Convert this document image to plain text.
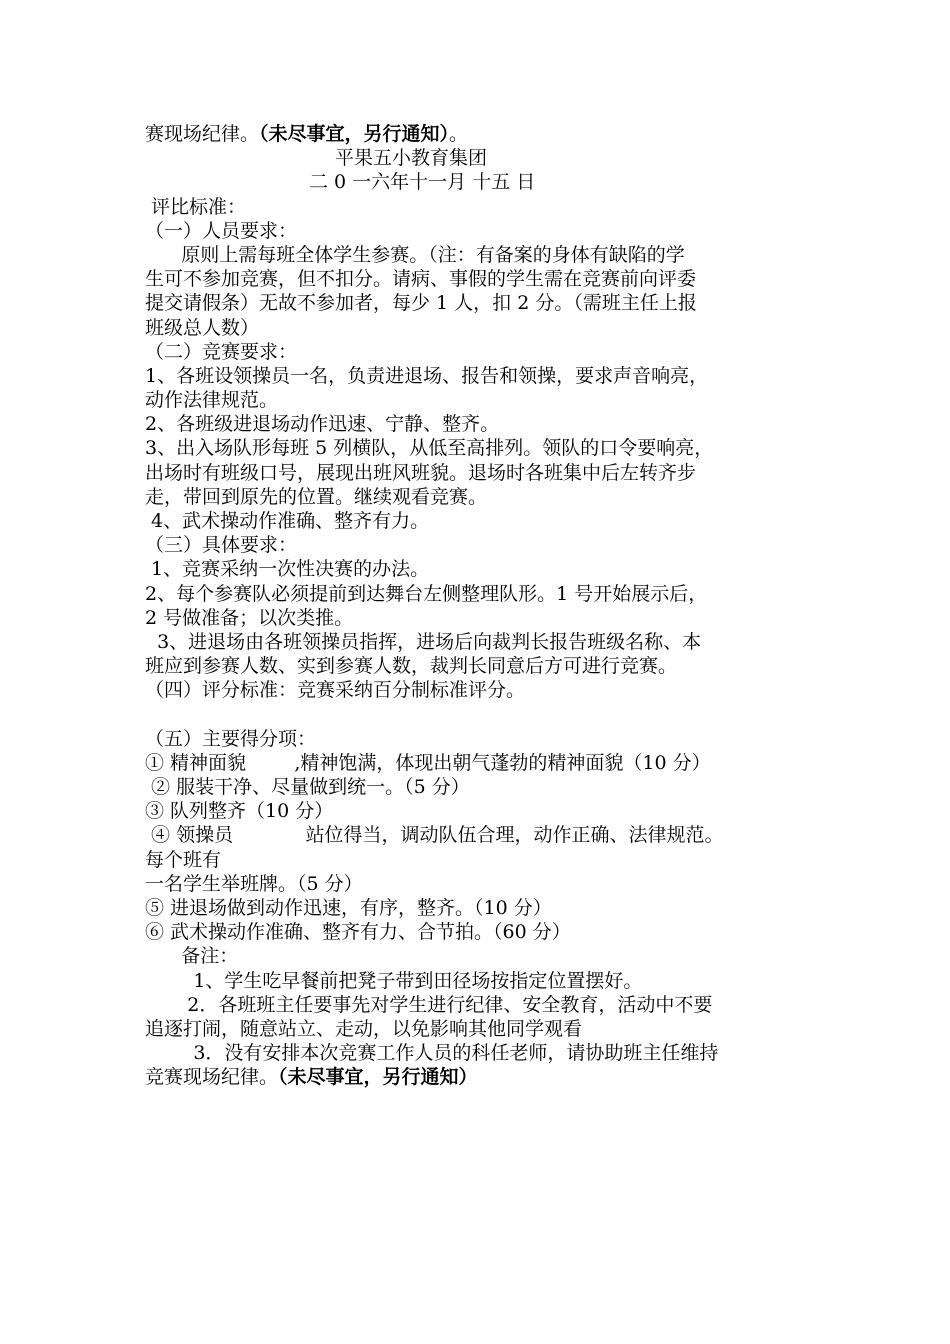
赛现场纪律。（未尽事宜，另行通知）。
平果五小教育集团
二 0 一六年十一月 十五 日
评比标准：
（一）人员要求：
原则上需每班全体学生参赛。（注：有备案的身体有缺陷的学
生可不参加竞赛，但不扣分。请病、事假的学生需在竞赛前向评委
提交请假条）无故不参加者，每少 1 人，扣 2 分。（需班主任上报
班级总人数）
（二）竞赛要求：
1、各班设领操员一名，负责进退场、报告和领操，要求声音响亮，
动作法律规范。
2、各班级进退场动作迅速、宁静、整齐。
3、出入场队形每班 5 列横队，从低至高排列。领队的口令要响亮，
出场时有班级口号，展现出班风班貌。退场时各班集中后左转齐步
走，带回到原先的位置。继续观看竞赛。
4、武术操动作准确、整齐有力。
（三）具体要求：
1、竞赛采纳一次性决赛的办法。
2、每个参赛队必须提前到达舞台左侧整理队形。1 号开始展示后，
2 号做准备；以次类推。
3、进退场由各班领操员指挥，进场后向裁判长报告班级名称、本
班应到参赛人数、实到参赛人数，裁判长同意后方可进行竞赛。
（四）评分标准：竞赛采纳百分制标准评分。
（五）主要得分项：
① 精神面貌        ,精神饱满，体现出朝气蓬勃的精神面貌（10 分）
② 服装干净、尽量做到统一。（5 分）
③ 队列整齐（10 分）
④ 领操员            站位得当，调动队伍合理，动作正确、法律规范。
每个班有
一名学生举班牌。（5 分）
⑤ 进退场做到动作迅速，有序，整齐。（10 分）
⑥ 武术操动作准确、整齐有力、合节拍。（60 分）
备注：
1、学生吃早餐前把凳子带到田径场按指定位置摆好。
2．各班班主任要事先对学生进行纪律、安全教育，活动中不要
追逐打闹，随意站立、走动，以免影响其他同学观看
3．没有安排本次竞赛工作人员的科任老师，请协助班主任维持
竞赛现场纪律。（未尽事宜，另行通知）
